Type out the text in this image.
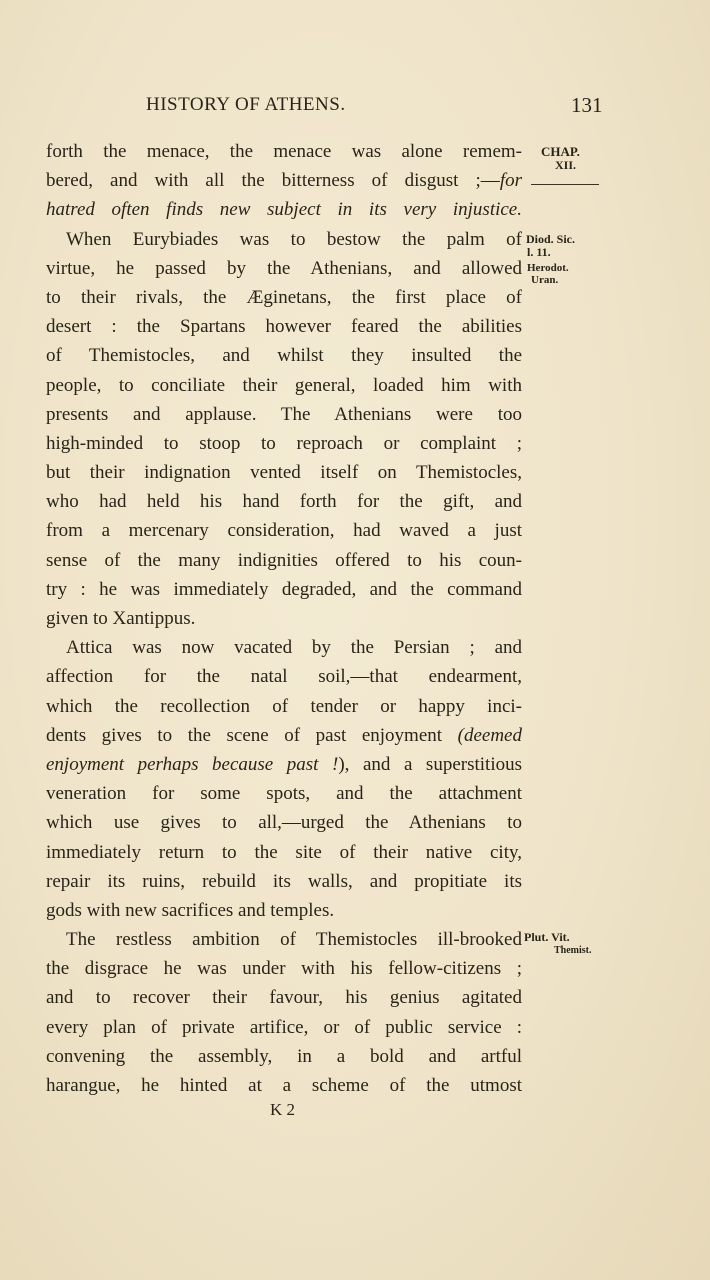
HISTORY OF ATHENS.	131
forth the menace, the menace was alone remem-
bered, and with all the bitterness of disgust ;—for
hatred often finds new subject in its very injustice.
When Eurybiades was to bestow the palm of
virtue, he passed by the Athenians, and allowed
to their rivals, the Æginetans, the first place of
desert : the Spartans however feared the abilities
of Themistocles, and whilst they insulted the
people, to conciliate their general, loaded him with
presents and applause. The Athenians were too
high-minded to stoop to reproach or complaint ;
but their indignation vented itself on Themistocles,
who had held his hand forth for the gift, and
from a mercenary consideration, had waved a just
sense of the many indignities offered to his coun-
try : he was immediately degraded, and the command
given to Xantippus.
Attica was now vacated by the Persian ; and
affection for the natal soil,—that endearment,
which the recollection of tender or happy inci-
dents gives to the scene of past enjoyment (deemed
enjoyment perhaps because past !), and a superstitious
veneration for some spots, and the attachment
which use gives to all,—urged the Athenians to
immediately return to the site of their native city,
repair its ruins, rebuild its walls, and propitiate its
gods with new sacrifices and temples.
The restless ambition of Themistocles ill-brooked
the disgrace he was under with his fellow-citizens ;
and to recover their favour, his genius agitated
every plan of private artifice, or of public service :
convening the assembly, in a bold and artful
harangue, he hinted at a scheme of the utmost
CHAP.
XII.
Diod. Sic.
l. 11.
Herodot.
Uran.
Plut. Vit.
Themist.
K 2
